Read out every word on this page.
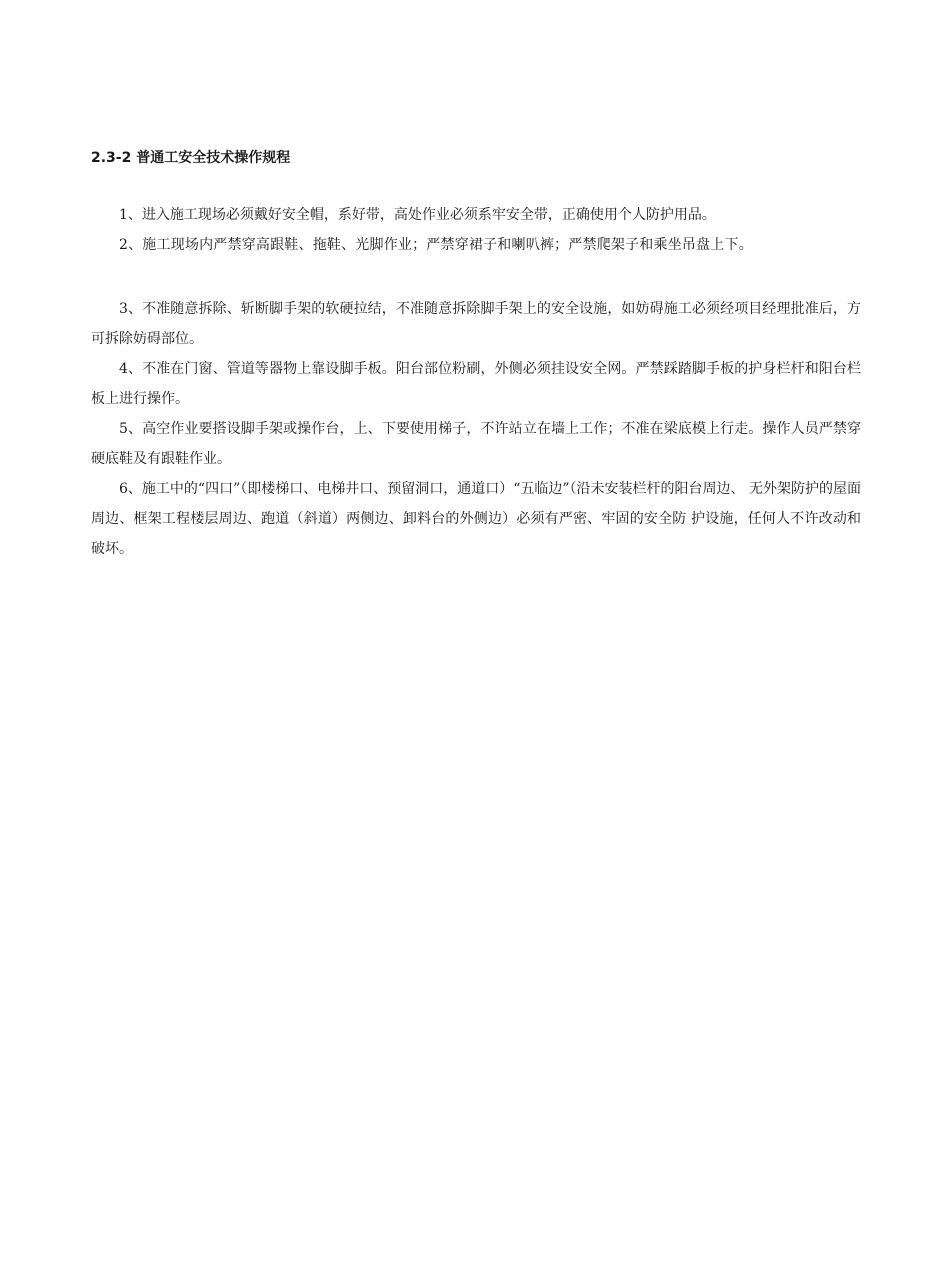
2.3-2 普通工安全技术操作规程

1、进入施工现场必须戴好安全帽，系好带，高处作业必须系牢安全带，正确使用个人防护用品。

2、施工现场内严禁穿高跟鞋、拖鞋、光脚作业；严禁穿裙子和喇叭裤；严禁爬架子和乘坐吊盘上下。

3、不准随意拆除、斩断脚手架的软硬拉结，不准随意拆除脚手架上的安全设施，如妨碍施工必须经项目经理批准后，方可拆除妨碍部位。

4、不准在门窗、管道等器物上靠设脚手板。阳台部位粉刷，外侧必须挂设安全网。严禁踩踏脚手板的护身栏杆和阳台栏板上进行操作。

5、高空作业要搭设脚手架或操作台，上、下要使用梯子，不许站立在墙上工作；不准在梁底模上行走。操作人员严禁穿硬底鞋及有跟鞋作业。

6、施工中的“四口”（即楼梯口、电梯井口、预留洞口，通道口）“五临边”（沿未安装栏杆的阳台周边、 无外架防护的屋面周边、框架工程楼层周边、跑道（斜道）两侧边、卸料台的外侧边）必须有严密、牢固的安全防 护设施，任何人不许改动和破坏。
